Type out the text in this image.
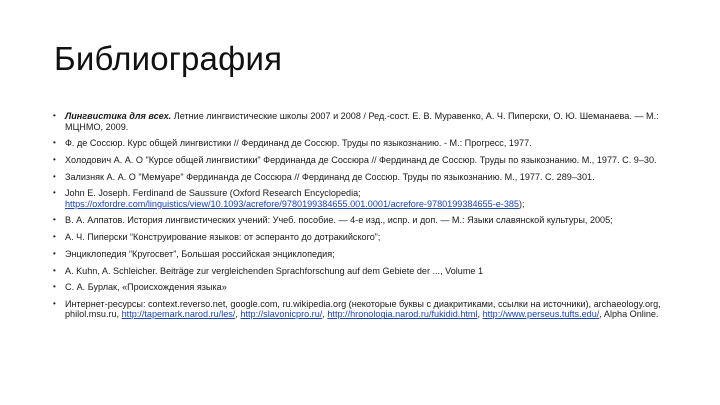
Библиография
• Лингвистика для всех. Летние лингвистические школы 2007 и 2008 / Ред.-сост. Е. В. Муравенко, А. Ч. Пиперски, О. Ю. Шеманаева. — М.: МЦНМО, 2009.
• Ф. де Соссюр. Курс общей лингвистики // Фердинанд де Соссюр. Труды по языкознанию. - М.: Прогресс, 1977.
• Холодович А. А. О "Курсе общей лингвистики" Фердинанда де Соссюра // Фердинанд де Соссюр. Труды по языкознанию. М., 1977. С. 9–30.
• Зализняк А. А. О "Мемуаре" Фердинанда де Соссюра // Фердинанд де Соссюр. Труды по языкознанию. М., 1977. С. 289–301.
• John E. Joseph. Ferdinand de Saussure (Oxford Research Encyclopedia;
https://oxfordre.com/linguistics/view/10.1093/acrefore/9780199384655.001.0001/acrefore-9780199384655-e-385);
• В. А. Алпатов. История лингвистических учений: Учеб. пособие. — 4-е изд., испр. и доп. — М.: Языки славянской культуры, 2005;
• А. Ч. Пиперски “Конструирование языков: от эсперанто до дотракийского”;
• Энциклопедия “Кругосвет”, Большая российская энциклопедия;
• A. Kuhn, A. Schleicher. Beiträge zur vergleichenden Sprachforschung auf dem Gebiete der ..., Volume 1
• С. А. Бурлак, «Происхождения языка»
• Интернет-ресурсы: context.reverso.net, google.com, ru.wikipedia.org (некоторые буквы с диакритиками, ссылки на источники), archaeology.org, philol.msu.ru, http://tapemark.narod.ru/les/, http://slavonicpro.ru/, http://hronologia.narod.ru/fukidid.html, http://www.perseus.tufts.edu/, Alpha Online.
